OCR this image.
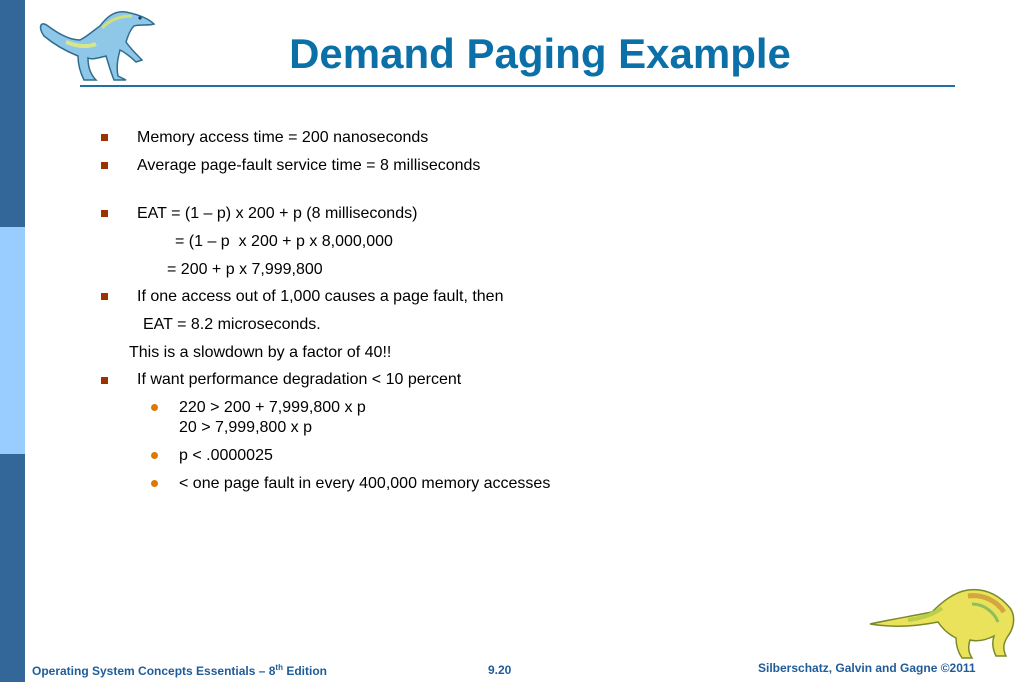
Demand Paging Example
Memory access time = 200 nanoseconds
Average page-fault service time = 8 milliseconds
EAT = (1 – p) x 200 + p (8 milliseconds)
= (1 – p  x 200 + p x 8,000,000
= 200 + p x 7,999,800
If one access out of 1,000 causes a page fault, then
EAT = 8.2 microseconds.
This is a slowdown by a factor of 40!!
If want performance degradation < 10 percent
220 > 200 + 7,999,800 x p
20 > 7,999,800 x p
p < .0000025
< one page fault in every 400,000 memory accesses
Operating System Concepts Essentials – 8th Edition	9.20	Silberschatz, Galvin and Gagne ©2011
